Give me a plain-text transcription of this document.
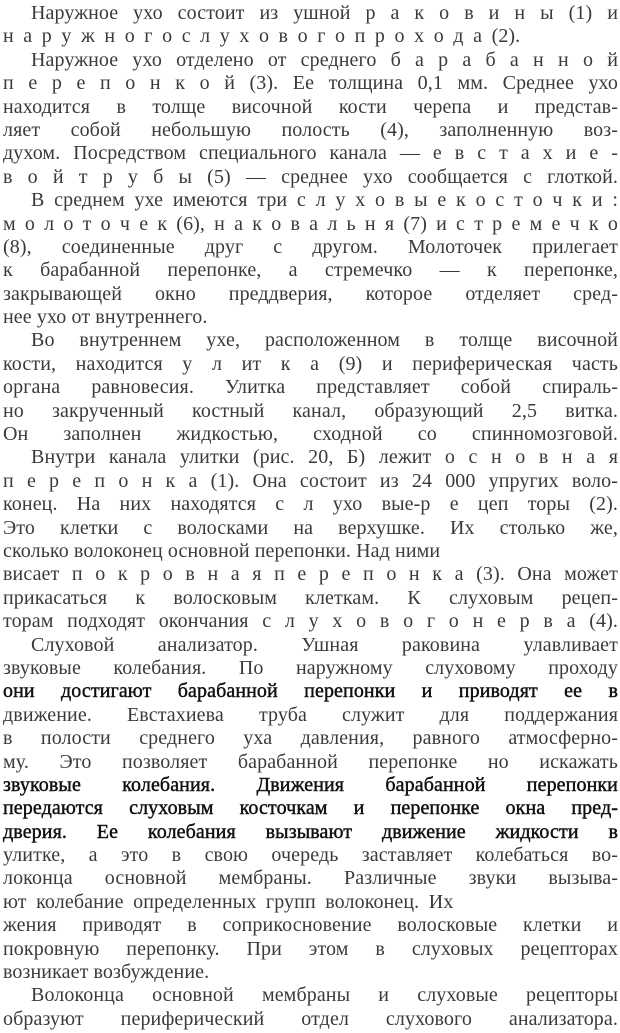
Наружное ухо состоит из ушной р а к о в и н ы (1) и
н а р у ж н о г о с л у х о в о г о п р о х о д а (2).
Наружное ухо отделено от среднего б а р а б а н н о й
п е р е п о н к о й (3). Ее толщина 0,1 мм. Среднее ухо
находится в толще височной кости черепа и представ-
ляет собой небольшую полость (4), заполненную воз-
духом. Посредством специального канала — е в с т а х и е -
в о й т р у б ы (5) — среднее ухо сообщается с глоткой.
В среднем ухе имеются три с л у х о в ы е к о с т о ч к и :
м о л о т о ч е к (6), н а к о в а л ь н я (7) и с т р е м е ч к о
(8), соединенные друг с другом. Молоточек прилегает
к барабанной перепонке, а стремечко — к перепонке,
закрывающей окно преддверия, которое отделяет сред-
нее ухо от внутреннего.
Во внутреннем ухе, расположенном в толще височной
кости, находится у л ит к а (9) и периферическая часть
органа равновесия. Улитка представляет собой спираль-
но закрученный костный канал, образующий 2,5 витка.
Он заполнен жидкостью, сходной со спинномозговой.
Внутри канала улитки (рис. 20, Б) лежит о с н о в н а я
п е р е п о н к а (1). Она состоит из 24 000 упругих воло-
конец. На них находятся с л ухо вые-р е цеп торы (2).
Это клетки с волосками на верхушке. Их столько же,
сколько волоконец основной перепонки. Над ними
висает п о к р о в н а я п е р е п о н к а (3). Она может
прикасаться к волосковым клеткам. К слуховым рецеп-
торам подходят окончания с л у х о в о г о н е р в а (4).
Слуховой анализатор. Ушная раковина улавливает
звуковые колебания. По наружному слуховому проходу
они достигают барабанной перепонки и приводят ее в
движение. Евстахиева труба служит для поддержания
в полости среднего уха давления, равного атмосферно-
му. Это позволяет барабанной перепонке но искажать
звуковые колебания. Движения барабанной перепонки
передаются слуховым косточкам и перепонке окна пред-
дверия. Ее колебания вызывают движение жидкости в
улитке, а это в свою очередь заставляет колебаться во-
локонца основной мембраны. Различные звуки вызыва-
ют колебание определенных групп волоконец. Их
жения приводят в соприкосновение волосковые клетки и
покровную перепонку. При этом в слуховых рецепторах
возникает возбуждение.
Волоконца основной мембраны и слуховые рецепторы
образуют периферический отдел слухового анализатора.
